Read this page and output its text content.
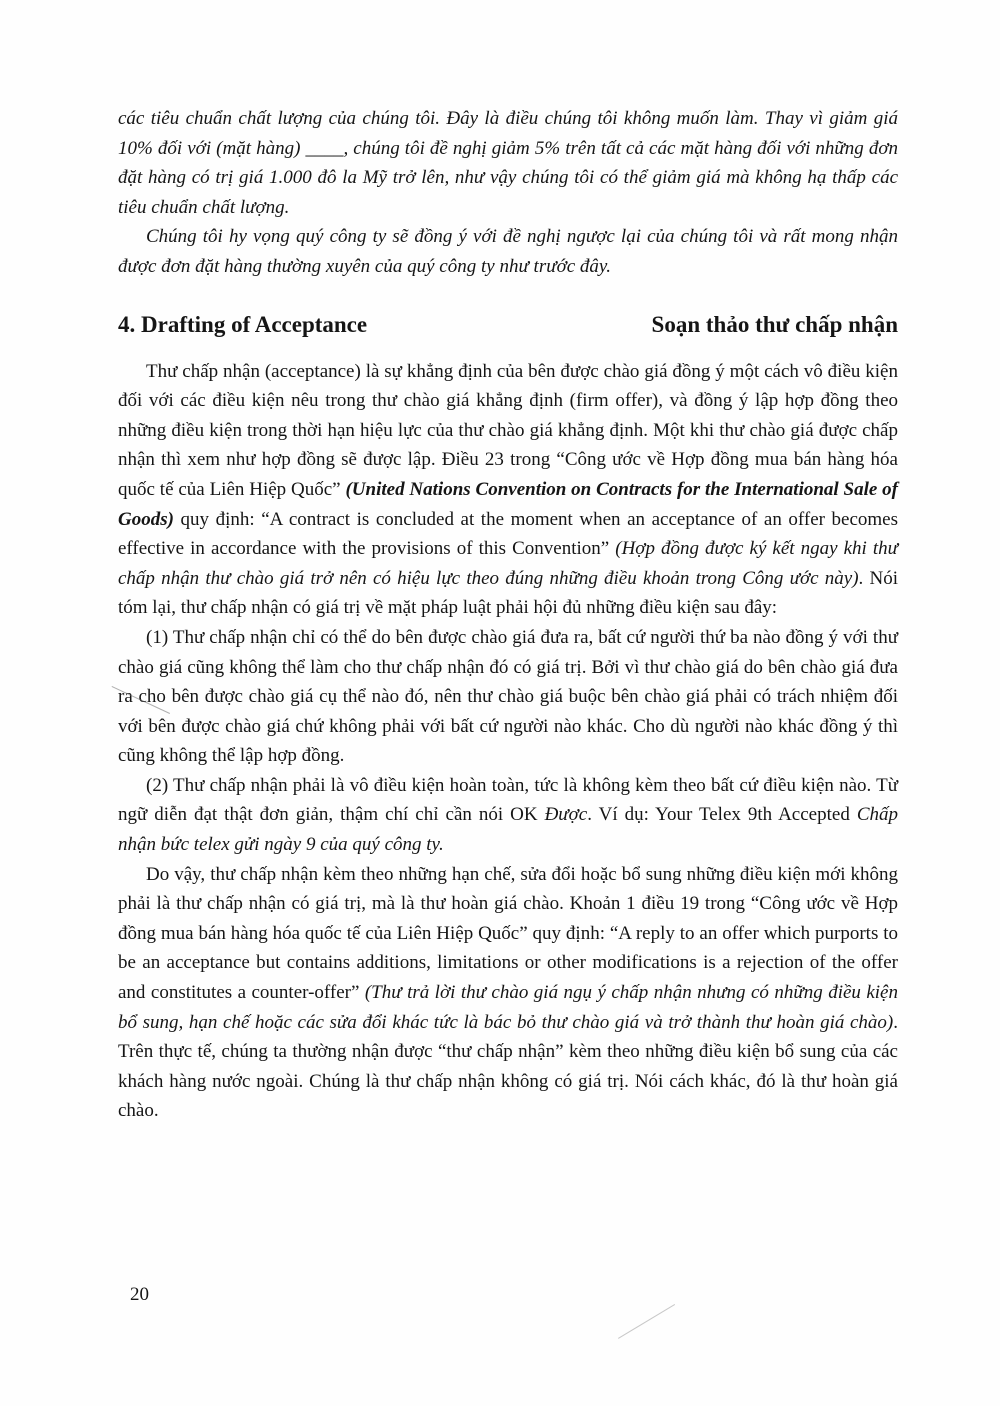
các tiêu chuẩn chất lượng của chúng tôi. Đây là điều chúng tôi không muốn làm. Thay vì giảm giá 10% đối với (mặt hàng) ____, chúng tôi đề nghị giảm 5% trên tất cả các mặt hàng đối với những đơn đặt hàng có trị giá 1.000 đô la Mỹ trở lên, như vậy chúng tôi có thể giảm giá mà không hạ thấp các tiêu chuẩn chất lượng.

Chúng tôi hy vọng quý công ty sẽ đồng ý với đề nghị ngược lại của chúng tôi và rất mong nhận được đơn đặt hàng thường xuyên của quý công ty như trước đây.

4. Drafting of Acceptance	Soạn thảo thư chấp nhận

Thư chấp nhận (acceptance) là sự khẳng định của bên được chào giá đồng ý một cách vô điều kiện đối với các điều kiện nêu trong thư chào giá khẳng định (firm offer), và đồng ý lập hợp đồng theo những điều kiện trong thời hạn hiệu lực của thư chào giá khẳng định. Một khi thư chào giá được chấp nhận thì xem như hợp đồng sẽ được lập. Điều 23 trong “Công ước về Hợp đồng mua bán hàng hóa quốc tế của Liên Hiệp Quốc” (United Nations Convention on Contracts for the International Sale of Goods) quy định: “A contract is concluded at the moment when an acceptance of an offer becomes effective in accordance with the provisions of this Convention” (Hợp đồng được ký kết ngay khi thư chấp nhận thư chào giá trở nên có hiệu lực theo đúng những điều khoản trong Công ước này). Nói tóm lại, thư chấp nhận có giá trị về mặt pháp luật phải hội đủ những điều kiện sau đây:

(1) Thư chấp nhận chỉ có thể do bên được chào giá đưa ra, bất cứ người thứ ba nào đồng ý với thư chào giá cũng không thể làm cho thư chấp nhận đó có giá trị. Bởi vì thư chào giá do bên chào giá đưa ra cho bên được chào giá cụ thể nào đó, nên thư chào giá buộc bên chào giá phải có trách nhiệm đối với bên được chào giá chứ không phải với bất cứ người nào khác. Cho dù người nào khác đồng ý thì cũng không thể lập hợp đồng.

(2) Thư chấp nhận phải là vô điều kiện hoàn toàn, tức là không kèm theo bất cứ điều kiện nào. Từ ngữ diễn đạt thật đơn giản, thậm chí chỉ cần nói OK Được. Ví dụ: Your Telex 9th Accepted Chấp nhận bức telex gửi ngày 9 của quý công ty.

Do vậy, thư chấp nhận kèm theo những hạn chế, sửa đổi hoặc bổ sung những điều kiện mới không phải là thư chấp nhận có giá trị, mà là thư hoàn giá chào. Khoản 1 điều 19 trong “Công ước về Hợp đồng mua bán hàng hóa quốc tế của Liên Hiệp Quốc” quy định: “A reply to an offer which purports to be an acceptance but contains additions, limitations or other modifications is a rejection of the offer and constitutes a counter-offer” (Thư trả lời thư chào giá ngụ ý chấp nhận nhưng có những điều kiện bổ sung, hạn chế hoặc các sửa đổi khác tức là bác bỏ thư chào giá và trở thành thư hoàn giá chào). Trên thực tế, chúng ta thường nhận được “thư chấp nhận” kèm theo những điều kiện bổ sung của các khách hàng nước ngoài. Chúng là thư chấp nhận không có giá trị. Nói cách khác, đó là thư hoàn giá chào.

20
